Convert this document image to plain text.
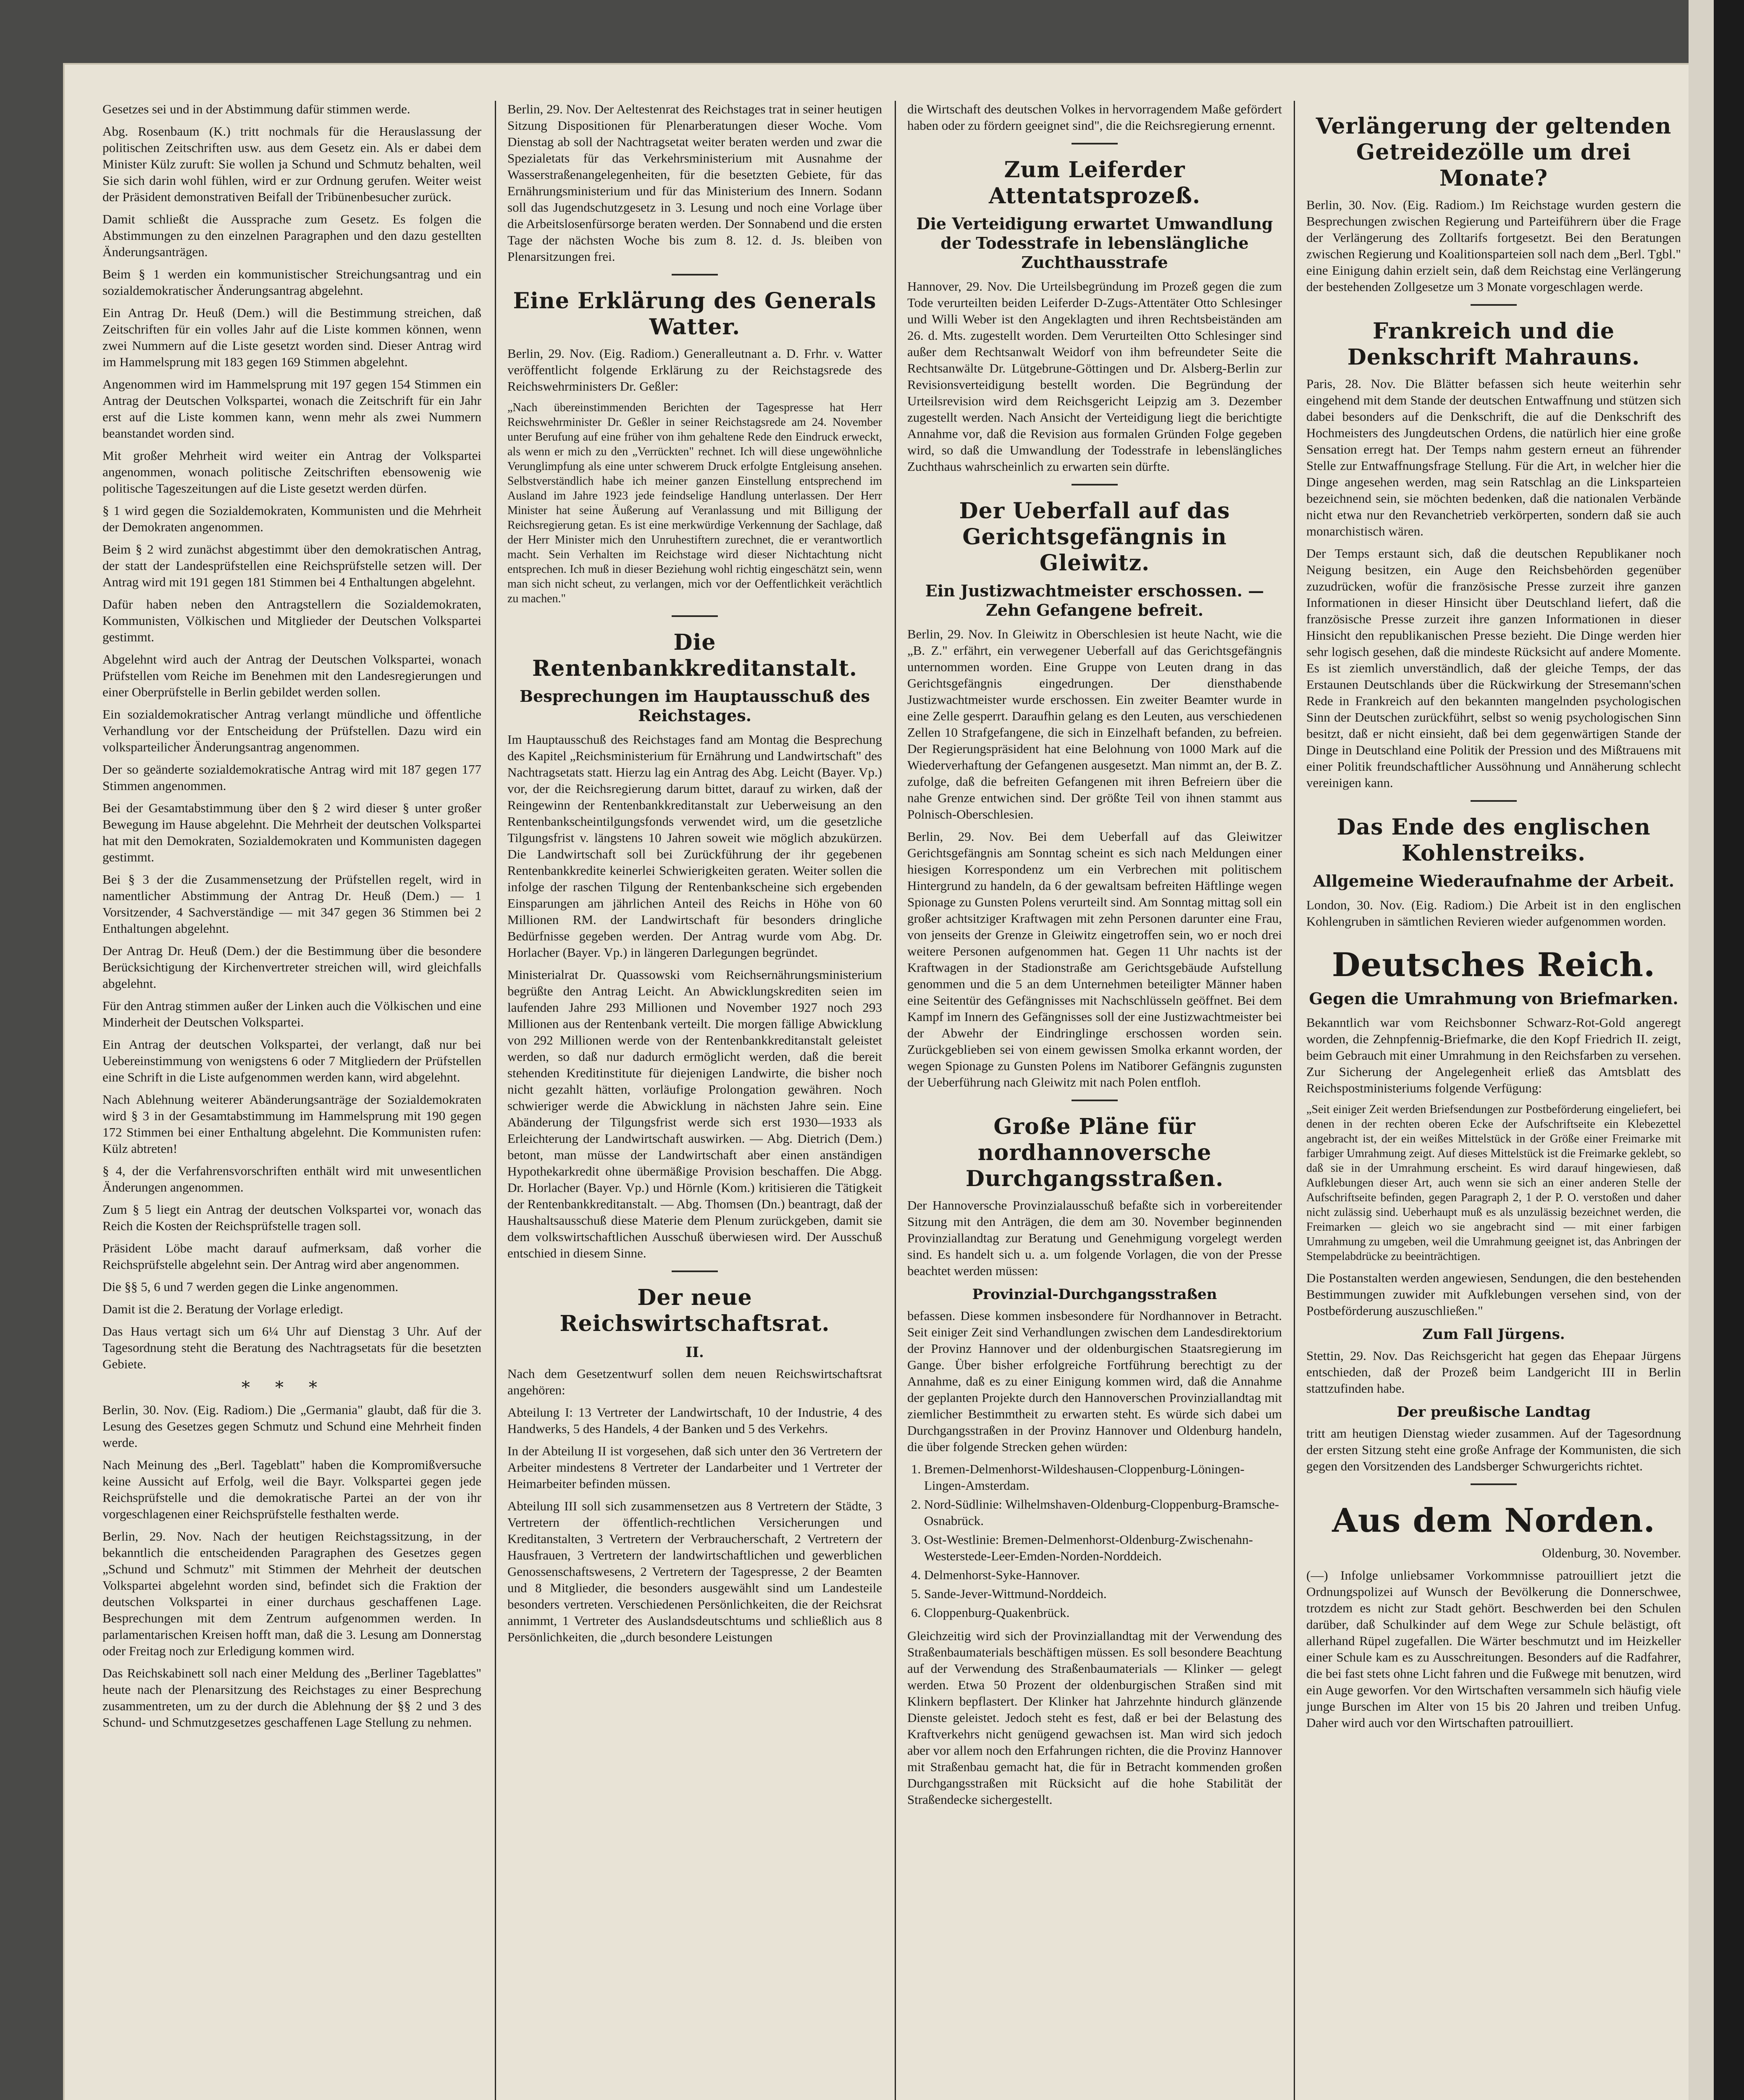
Gesetzes sei und in der Abstimmung dafür stimmen werde.

Abg. Rosenbaum (K.) tritt nochmals für die Herauslassung der politischen Zeitschriften usw. aus dem Gesetz ein. Als er dabei dem Minister Külz zuruft: Sie wollen ja Schund und Schmutz behalten, weil Sie sich darin wohl fühlen, wird er zur Ordnung gerufen. Weiter weist der Präsident demonstrativen Beifall der Tribünenbesucher zurück.

Damit schließt die Aussprache zum Gesetz. Es folgen die Abstimmungen zu den einzelnen Paragraphen und den dazu gestellten Änderungsanträgen.

Beim § 1 werden ein kommunistischer Streichungsantrag und ein sozialdemokratischer Änderungsantrag abgelehnt.

Ein Antrag Dr. Heuß (Dem.) will die Bestimmung streichen, daß Zeitschriften für ein volles Jahr auf die Liste kommen können, wenn zwei Nummern auf die Liste gesetzt worden sind. Dieser Antrag wird im Hammelsprung mit 183 gegen 169 Stimmen abgelehnt.

Angenommen wird im Hammelsprung mit 197 gegen 154 Stimmen ein Antrag der Deutschen Volkspartei, wonach die Zeitschrift für ein Jahr erst auf die Liste kommen kann, wenn mehr als zwei Nummern beanstandet worden sind.

Mit großer Mehrheit wird weiter ein Antrag der Volkspartei angenommen, wonach politische Zeitschriften ebensowenig wie politische Tageszeitungen auf die Liste gesetzt werden dürfen.

§ 1 wird gegen die Sozialdemokraten, Kommunisten und die Mehrheit der Demokraten angenommen.

Beim § 2 wird zunächst abgestimmt über den demokratischen Antrag, der statt der Landesprüfstellen eine Reichsprüfstelle setzen will. Der Antrag wird mit 191 gegen 181 Stimmen bei 4 Enthaltungen abgelehnt.

Dafür haben neben den Antragstellern die Sozialdemokraten, Kommunisten, Völkischen und Mitglieder der Deutschen Volkspartei gestimmt.

Abgelehnt wird auch der Antrag der Deutschen Volkspartei, wonach Prüfstellen vom Reiche im Benehmen mit den Landesregierungen und einer Oberprüfstelle in Berlin gebildet werden sollen.

Ein sozialdemokratischer Antrag verlangt mündliche und öffentliche Verhandlung vor der Entscheidung der Prüfstellen. Dazu wird ein volksparteilicher Änderungsantrag angenommen.

Der so geänderte sozialdemokratische Antrag wird mit 187 gegen 177 Stimmen angenommen.

Bei der Gesamtabstimmung über den § 2 wird dieser § unter großer Bewegung im Hause abgelehnt. Die Mehrheit der deutschen Volkspartei hat mit den Demokraten, Sozialdemokraten und Kommunisten dagegen gestimmt.

Bei § 3 der die Zusammensetzung der Prüfstellen regelt, wird in namentlicher Abstimmung der Antrag Dr. Heuß (Dem.) — 1 Vorsitzender, 4 Sachverständige — mit 347 gegen 36 Stimmen bei 2 Enthaltungen abgelehnt.

Der Antrag Dr. Heuß (Dem.) der die Bestimmung über die besondere Berücksichtigung der Kirchenvertreter streichen will, wird gleichfalls abgelehnt.

Für den Antrag stimmen außer der Linken auch die Völkischen und eine Minderheit der Deutschen Volkspartei.

Ein Antrag der deutschen Volkspartei, der verlangt, daß nur bei Uebereinstimmung von wenigstens 6 oder 7 Mitgliedern der Prüfstellen eine Schrift in die Liste aufgenommen werden kann, wird abgelehnt.

Nach Ablehnung weiterer Abänderungsanträge der Sozialdemokraten wird § 3 in der Gesamtabstimmung im Hammelsprung mit 190 gegen 172 Stimmen bei einer Enthaltung abgelehnt. Die Kommunisten rufen: Külz abtreten!

§ 4, der die Verfahrensvorschriften enthält wird mit unwesentlichen Änderungen angenommen.

Zum § 5 liegt ein Antrag der deutschen Volkspartei vor, wonach das Reich die Kosten der Reichsprüfstelle tragen soll.

Präsident Löbe macht darauf aufmerksam, daß vorher die Reichsprüfstelle abgelehnt sein. Der Antrag wird aber angenommen.

Die §§ 5, 6 und 7 werden gegen die Linke angenommen.

Damit ist die 2. Beratung der Vorlage erledigt.

Das Haus vertagt sich um 6¼ Uhr auf Dienstag 3 Uhr. Auf der Tagesordnung steht die Beratung des Nachtragsetats für die besetzten Gebiete.

***

Berlin, 30. Nov. (Eig. Radiom.) Die „Germania" glaubt, daß für die 3. Lesung des Gesetzes gegen Schmutz und Schund eine Mehrheit finden werde.

Nach Meinung des „Berl. Tageblatt" haben die Kompromißversuche keine Aussicht auf Erfolg, weil die Bayr. Volkspartei gegen jede Reichsprüfstelle und die demokratische Partei an der von ihr vorgeschlagenen einer Reichsprüfstelle festhalten werde.

Berlin, 29. Nov. Nach der heutigen Reichstagssitzung, in der bekanntlich die entscheidenden Paragraphen des Gesetzes gegen „Schund und Schmutz" mit Stimmen der Mehrheit der deutschen Volkspartei abgelehnt worden sind, befindet sich die Fraktion der deutschen Volkspartei in einer durchaus geschaffenen Lage. Besprechungen mit dem Zentrum aufgenommen werden. In parlamentarischen Kreisen hofft man, daß die 3. Lesung am Donnerstag oder Freitag noch zur Erledigung kommen wird.

Das Reichskabinett soll nach einer Meldung des „Berliner Tageblattes" heute nach der Plenarsitzung des Reichstages zu einer Besprechung zusammentreten, um zu der durch die Ablehnung der §§ 2 und 3 des Schund- und Schmutzgesetzes geschaffenen Lage Stellung zu nehmen.

Berlin, 29. Nov. Der Aeltestenrat des Reichstages trat in seiner heutigen Sitzung Dispositionen für Plenarberatungen dieser Woche. Vom Dienstag ab soll der Nachtragsetat weiter beraten werden und zwar die Spezialetats für das Verkehrsministerium mit Ausnahme der Wasserstraßenangelegenheiten, für die besetzten Gebiete, für das Ernährungsministerium und für das Ministerium des Innern. Sodann soll das Jugendschutzgesetz in 3. Lesung und noch eine Vorlage über die Arbeitslosenfürsorge beraten werden. Der Sonnabend und die ersten Tage der nächsten Woche bis zum 8. 12. d. Js. bleiben von Plenarsitzungen frei.

Eine Erklärung des Generals Watter.

Berlin, 29. Nov. (Eig. Radiom.) Generalleutnant a. D. Frhr. v. Watter veröffentlicht folgende Erklärung zu der Reichstagsrede des Reichswehrministers Dr. Geßler:

„Nach übereinstimmenden Berichten der Tagespresse hat Herr Reichswehrminister Dr. Geßler in seiner Reichstagsrede am 24. November unter Berufung auf eine früher von ihm gehaltene Rede den Eindruck erweckt, als wenn er mich zu den „Verrückten" rechnet. Ich will diese ungewöhnliche Verunglimpfung als eine unter schwerem Druck erfolgte Entgleisung ansehen. Selbstverständlich habe ich meiner ganzen Einstellung entsprechend im Ausland im Jahre 1923 jede feindselige Handlung unterlassen. Der Herr Minister hat seine Äußerung auf Veranlassung und mit Billigung der Reichsregierung getan. Es ist eine merkwürdige Verkennung der Sachlage, daß der Herr Minister mich den Unruhestiftern zurechnet, die er verantwortlich macht. Sein Verhalten im Reichstage wird dieser Nichtachtung nicht entsprechen. Ich muß in dieser Beziehung wohl richtig eingeschätzt sein, wenn man sich nicht scheut, zu verlangen, mich vor der Oeffentlichkeit verächtlich zu machen."

Die Rentenbankkreditanstalt.
Besprechungen im Hauptausschuß des Reichstages.

Im Hauptausschuß des Reichstages fand am Montag die Besprechung des Kapitel „Reichsministerium für Ernährung und Landwirtschaft" des Nachtragsetats statt. Hierzu lag ein Antrag des Abg. Leicht (Bayer. Vp.) vor, der die Reichsregierung darum bittet, darauf zu wirken, daß der Reingewinn der Rentenbankkreditanstalt zur Ueberweisung an den Rentenbankscheintilgungsfonds verwendet wird, um die gesetzliche Tilgungsfrist v. längstens 10 Jahren soweit wie möglich abzukürzen. Die Landwirtschaft soll bei Zurückführung der ihr gegebenen Rentenbankkredite keinerlei Schwierigkeiten geraten. Weiter sollen die infolge der raschen Tilgung der Rentenbankscheine sich ergebenden Einsparungen am jährlichen Anteil des Reichs in Höhe von 60 Millionen RM. der Landwirtschaft für besonders dringliche Bedürfnisse gegeben werden. Der Antrag wurde vom Abg. Dr. Horlacher (Bayer. Vp.) in längeren Darlegungen begründet.

Ministerialrat Dr. Quassowski vom Reichsernährungsministerium begrüßte den Antrag Leicht. An Abwicklungskrediten seien im laufenden Jahre 293 Millionen und November 1927 noch 293 Millionen aus der Rentenbank verteilt. Die morgen fällige Abwicklung von 292 Millionen werde von der Rentenbankkreditanstalt geleistet werden, so daß nur dadurch ermöglicht werden, daß die bereit stehenden Kreditinstitute für diejenigen Landwirte, die bisher noch nicht gezahlt hätten, vorläufige Prolongation gewähren. Noch schwieriger werde die Abwicklung in nächsten Jahre sein. Eine Abänderung der Tilgungsfrist werde sich erst 1930—1933 als Erleichterung der Landwirtschaft auswirken. — Abg. Dietrich (Dem.) betont, man müsse der Landwirtschaft aber einen anständigen Hypothekarkredit ohne übermäßige Provision beschaffen. Die Abgg. Dr. Horlacher (Bayer. Vp.) und Hörnle (Kom.) kritisieren die Tätigkeit der Rentenbankkreditanstalt. — Abg. Thomsen (Dn.) beantragt, daß der Haushaltsausschuß diese Materie dem Plenum zurückgeben, damit sie dem volkswirtschaftlichen Ausschuß überwiesen wird. Der Ausschuß entschied in diesem Sinne.

Der neue Reichswirtschaftsrat.
II.

Nach dem Gesetzentwurf sollen dem neuen Reichswirtschaftsrat angehören:

Abteilung I: 13 Vertreter der Landwirtschaft, 10 der Industrie, 4 des Handwerks, 5 des Handels, 4 der Banken und 5 des Verkehrs.

In der Abteilung II ist vorgesehen, daß sich unter den 36 Vertretern der Arbeiter mindestens 8 Vertreter der Landarbeiter und 1 Vertreter der Heimarbeiter befinden müssen.

Abteilung III soll sich zusammensetzen aus 8 Vertretern der Städte, 3 Vertretern der öffentlich-rechtlichen Versicherungen und Kreditanstalten, 3 Vertretern der Verbraucherschaft, 2 Vertretern der Hausfrauen, 3 Vertretern der landwirtschaftlichen und gewerblichen Genossenschaftswesens, 2 Vertretern der Tagespresse, 2 der Beamten und 8 Mitglieder, die besonders ausgewählt sind um Landesteile besonders vertreten. Verschiedenen Persönlichkeiten, die der Reichsrat annimmt, 1 Vertreter des Auslandsdeutschtums und schließlich aus 8 Persönlichkeiten, die „durch besondere Leistungen

die Wirtschaft des deutschen Volkes in hervorragendem Maße gefördert haben oder zu fördern geeignet sind", die die Reichsregierung ernennt.

Zum Leiferder Attentatsprozeß.
Die Verteidigung erwartet Umwandlung der Todesstrafe in lebenslängliche Zuchthausstrafe

Hannover, 29. Nov. Die Urteilsbegründung im Prozeß gegen die zum Tode verurteilten beiden Leiferder D-Zugs-Attentäter Otto Schlesinger und Willi Weber ist den Angeklagten und ihren Rechtsbeiständen am 26. d. Mts. zugestellt worden. Dem Verurteilten Otto Schlesinger sind außer dem Rechtsanwalt Weidorf von ihm befreundeter Seite die Rechtsanwälte Dr. Lütgebrune-Göttingen und Dr. Alsberg-Berlin zur Revisionsverteidigung bestellt worden. Die Begründung der Urteilsrevision wird dem Reichsgericht Leipzig am 3. Dezember zugestellt werden. Nach Ansicht der Verteidigung liegt die berichtigte Annahme vor, daß die Revision aus formalen Gründen Folge gegeben wird, so daß die Umwandlung der Todesstrafe in lebenslängliches Zuchthaus wahrscheinlich zu erwarten sein dürfte.

Der Ueberfall auf das Gerichtsgefängnis in Gleiwitz.
Ein Justizwachtmeister erschossen. — Zehn Gefangene befreit.

Berlin, 29. Nov. In Gleiwitz in Oberschlesien ist heute Nacht, wie die „B. Z." erfährt, ein verwegener Ueberfall auf das Gerichtsgefängnis unternommen worden. Eine Gruppe von Leuten drang in das Gerichtsgefängnis eingedrungen. Der diensthabende Justizwachtmeister wurde erschossen. Ein zweiter Beamter wurde in eine Zelle gesperrt. Daraufhin gelang es den Leuten, aus verschiedenen Zellen 10 Strafgefangene, die sich in Einzelhaft befanden, zu befreien. Der Regierungspräsident hat eine Belohnung von 1000 Mark auf die Wiederverhaftung der Gefangenen ausgesetzt. Man nimmt an, der B. Z. zufolge, daß die befreiten Gefangenen mit ihren Befreiern über die nahe Grenze entwichen sind. Der größte Teil von ihnen stammt aus Polnisch-Oberschlesien.

Berlin, 29. Nov. Bei dem Ueberfall auf das Gleiwitzer Gerichtsgefängnis am Sonntag scheint es sich nach Meldungen einer hiesigen Korrespondenz um ein Verbrechen mit politischem Hintergrund zu handeln, da 6 der gewaltsam befreiten Häftlinge wegen Spionage zu Gunsten Polens verurteilt sind. Am Sonntag mittag soll ein großer achtsitziger Kraftwagen mit zehn Personen darunter eine Frau, von jenseits der Grenze in Gleiwitz eingetroffen sein, wo er noch drei weitere Personen aufgenommen hat. Gegen 11 Uhr nachts ist der Kraftwagen in der Stadionstraße am Gerichtsgebäude Aufstellung genommen und die 5 an dem Unternehmen beteiligter Männer haben eine Seitentür des Gefängnisses mit Nachschlüsseln geöffnet. Bei dem Kampf im Innern des Gefängnisses soll der eine Justizwachtmeister bei der Abwehr der Eindringlinge erschossen worden sein. Zurückgeblieben sei von einem gewissen Smolka erkannt worden, der wegen Spionage zu Gunsten Polens im Natiborer Gefängnis zugunsten der Ueberführung nach Gleiwitz mit nach Polen entfloh.

Große Pläne für nordhannoversche Durchgangsstraßen.

Der Hannoversche Provinzialausschuß befaßte sich in vorbereitender Sitzung mit den Anträgen, die dem am 30. November beginnenden Provinziallandtag zur Beratung und Genehmigung vorgelegt werden sind. Es handelt sich u. a. um folgende Vorlagen, die von der Presse beachtet werden müssen:

Provinzial-Durchgangsstraßen

befassen. Diese kommen insbesondere für Nordhannover in Betracht. Seit einiger Zeit sind Verhandlungen zwischen dem Landesdirektorium der Provinz Hannover und der oldenburgischen Staatsregierung im Gange. Über bisher erfolgreiche Fortführung berechtigt zu der Annahme, daß es zu einer Einigung kommen wird, daß die Annahme der geplanten Projekte durch den Hannoverschen Provinziallandtag mit ziemlicher Bestimmtheit zu erwarten steht. Es würde sich dabei um Durchgangsstraßen in der Provinz Hannover und Oldenburg handeln, die über folgende Strecken gehen würden:

1. Bremen-Delmenhorst-Wildeshausen-Cloppenburg-Löningen-Lingen-Amsterdam.
2. Nord-Südlinie: Wilhelmshaven-Oldenburg-Cloppenburg-Bramsche-Osnabrück.
3. Ost-Westlinie: Bremen-Delmenhorst-Oldenburg-Zwischenahn-Westerstede-Leer-Emden-Norden-Norddeich.
4. Delmenhorst-Syke-Hannover.
5. Sande-Jever-Wittmund-Norddeich.
6. Cloppenburg-Quakenbrück.

Gleichzeitig wird sich der Provinziallandtag mit der Verwendung des Straßenbaumaterials beschäftigen müssen. Es soll besondere Beachtung auf der Verwendung des Straßenbaumaterials — Klinker — gelegt werden. Etwa 50 Prozent der oldenburgischen Straßen sind mit Klinkern bepflastert. Der Klinker hat Jahrzehnte hindurch glänzende Dienste geleistet. Jedoch steht es fest, daß er bei der Belastung des Kraftverkehrs nicht genügend gewachsen ist. Man wird sich jedoch aber vor allem noch den Erfahrungen richten, die die Provinz Hannover mit Straßenbau gemacht hat, die für in Betracht kommenden großen Durchgangsstraßen mit Rücksicht auf die hohe Stabilität der Straßendecke sichergestellt.

Verlängerung der geltenden Getreidezölle um drei Monate?

Berlin, 30. Nov. (Eig. Radiom.) Im Reichstage wurden gestern die Besprechungen zwischen Regierung und Parteiführern über die Frage der Verlängerung des Zolltarifs fortgesetzt. Bei den Beratungen zwischen Regierung und Koalitionsparteien soll nach dem „Berl. Tgbl." eine Einigung dahin erzielt sein, daß dem Reichstag eine Verlängerung der bestehenden Zollgesetze um 3 Monate vorgeschlagen werde.

Frankreich und die Denkschrift Mahrauns.

Paris, 28. Nov. Die Blätter befassen sich heute weiterhin sehr eingehend mit dem Stande der deutschen Entwaffnung und stützen sich dabei besonders auf die Denkschrift, die auf die Denkschrift des Hochmeisters des Jungdeutschen Ordens, die natürlich hier eine große Sensation erregt hat. Der Temps nahm gestern erneut an führender Stelle zur Entwaffnungsfrage Stellung. Für die Art, in welcher hier die Dinge angesehen werden, mag sein Ratschlag an die Linksparteien bezeichnend sein, sie möchten bedenken, daß die nationalen Verbände nicht etwa nur den Revanchetrieb verkörperten, sondern daß sie auch monarchistisch wären.

Der Temps erstaunt sich, daß die deutschen Republikaner noch Neigung besitzen, ein Auge den Reichsbehörden gegenüber zuzudrücken, wofür die französische Presse zurzeit ihre ganzen Informationen in dieser Hinsicht über Deutschland liefert, daß die französische Presse zurzeit ihre ganzen Informationen in dieser Hinsicht den republikanischen Presse bezieht. Die Dinge werden hier sehr logisch gesehen, daß die mindeste Rücksicht auf andere Momente. Es ist ziemlich unverständlich, daß der gleiche Temps, der das Erstaunen Deutschlands über die Rückwirkung der Stresemann'schen Rede in Frankreich auf den bekannten mangelnden psychologischen Sinn der Deutschen zurückführt, selbst so wenig psychologischen Sinn besitzt, daß er nicht einsieht, daß bei dem gegenwärtigen Stande der Dinge in Deutschland eine Politik der Pression und des Mißtrauens mit einer Politik freundschaftlicher Aussöhnung und Annäherung schlecht vereinigen kann.

Das Ende des englischen Kohlenstreiks.
Allgemeine Wiederaufnahme der Arbeit.

London, 30. Nov. (Eig. Radiom.) Die Arbeit ist in den englischen Kohlengruben in sämtlichen Revieren wieder aufgenommen worden.

Deutsches Reich.
Gegen die Umrahmung von Briefmarken.

Bekanntlich war vom Reichsbonner Schwarz-Rot-Gold angeregt worden, die Zehnpfennig-Briefmarke, die den Kopf Friedrich II. zeigt, beim Gebrauch mit einer Umrahmung in den Reichsfarben zu versehen. Zur Sicherung der Angelegenheit erließ das Amtsblatt des Reichspostministeriums folgende Verfügung:

„Seit einiger Zeit werden Briefsendungen zur Postbeförderung eingeliefert, bei denen in der rechten oberen Ecke der Aufschriftseite ein Klebezettel angebracht ist, der ein weißes Mittelstück in der Größe einer Freimarke mit farbiger Umrahmung zeigt. Auf dieses Mittelstück ist die Freimarke geklebt, so daß sie in der Umrahmung erscheint. Es wird darauf hingewiesen, daß Aufklebungen dieser Art, auch wenn sie sich an einer anderen Stelle der Aufschriftseite befinden, gegen Paragraph 2, 1 der P. O. verstoßen und daher nicht zulässig sind. Ueberhaupt muß es als unzulässig bezeichnet werden, die Freimarken — gleich wo sie angebracht sind — mit einer farbigen Umrahmung zu umgeben, weil die Umrahmung geeignet ist, das Anbringen der Stempelabdrücke zu beeinträchtigen.

Die Postanstalten werden angewiesen, Sendungen, die den bestehenden Bestimmungen zuwider mit Aufklebungen versehen sind, von der Postbeförderung auszuschließen."

Zum Fall Jürgens.

Stettin, 29. Nov. Das Reichsgericht hat gegen das Ehepaar Jürgens entschieden, daß der Prozeß beim Landgericht III in Berlin stattzufinden habe.

Der preußische Landtag

tritt am heutigen Dienstag wieder zusammen. Auf der Tagesordnung der ersten Sitzung steht eine große Anfrage der Kommunisten, die sich gegen den Vorsitzenden des Landsberger Schwurgerichts richtet.

Aus dem Norden.

Oldenburg, 30. November.

(—) Infolge unliebsamer Vorkommnisse patrouilliert jetzt die Ordnungspolizei auf Wunsch der Bevölkerung die Donnerschwee, trotzdem es nicht zur Stadt gehört. Beschwerden bei den Schulen darüber, daß Schulkinder auf dem Wege zur Schule belästigt, oft allerhand Rüpel zugefallen. Die Wärter beschmutzt und im Heizkeller einer Schule kam es zu Ausschreitungen. Besonders auf die Radfahrer, die bei fast stets ohne Licht fahren und die Fußwege mit benutzen, wird ein Auge geworfen. Vor den Wirtschaften versammeln sich häufig viele junge Burschen im Alter von 15 bis 20 Jahren und treiben Unfug. Daher wird auch vor den Wirtschaften patrouilliert.
